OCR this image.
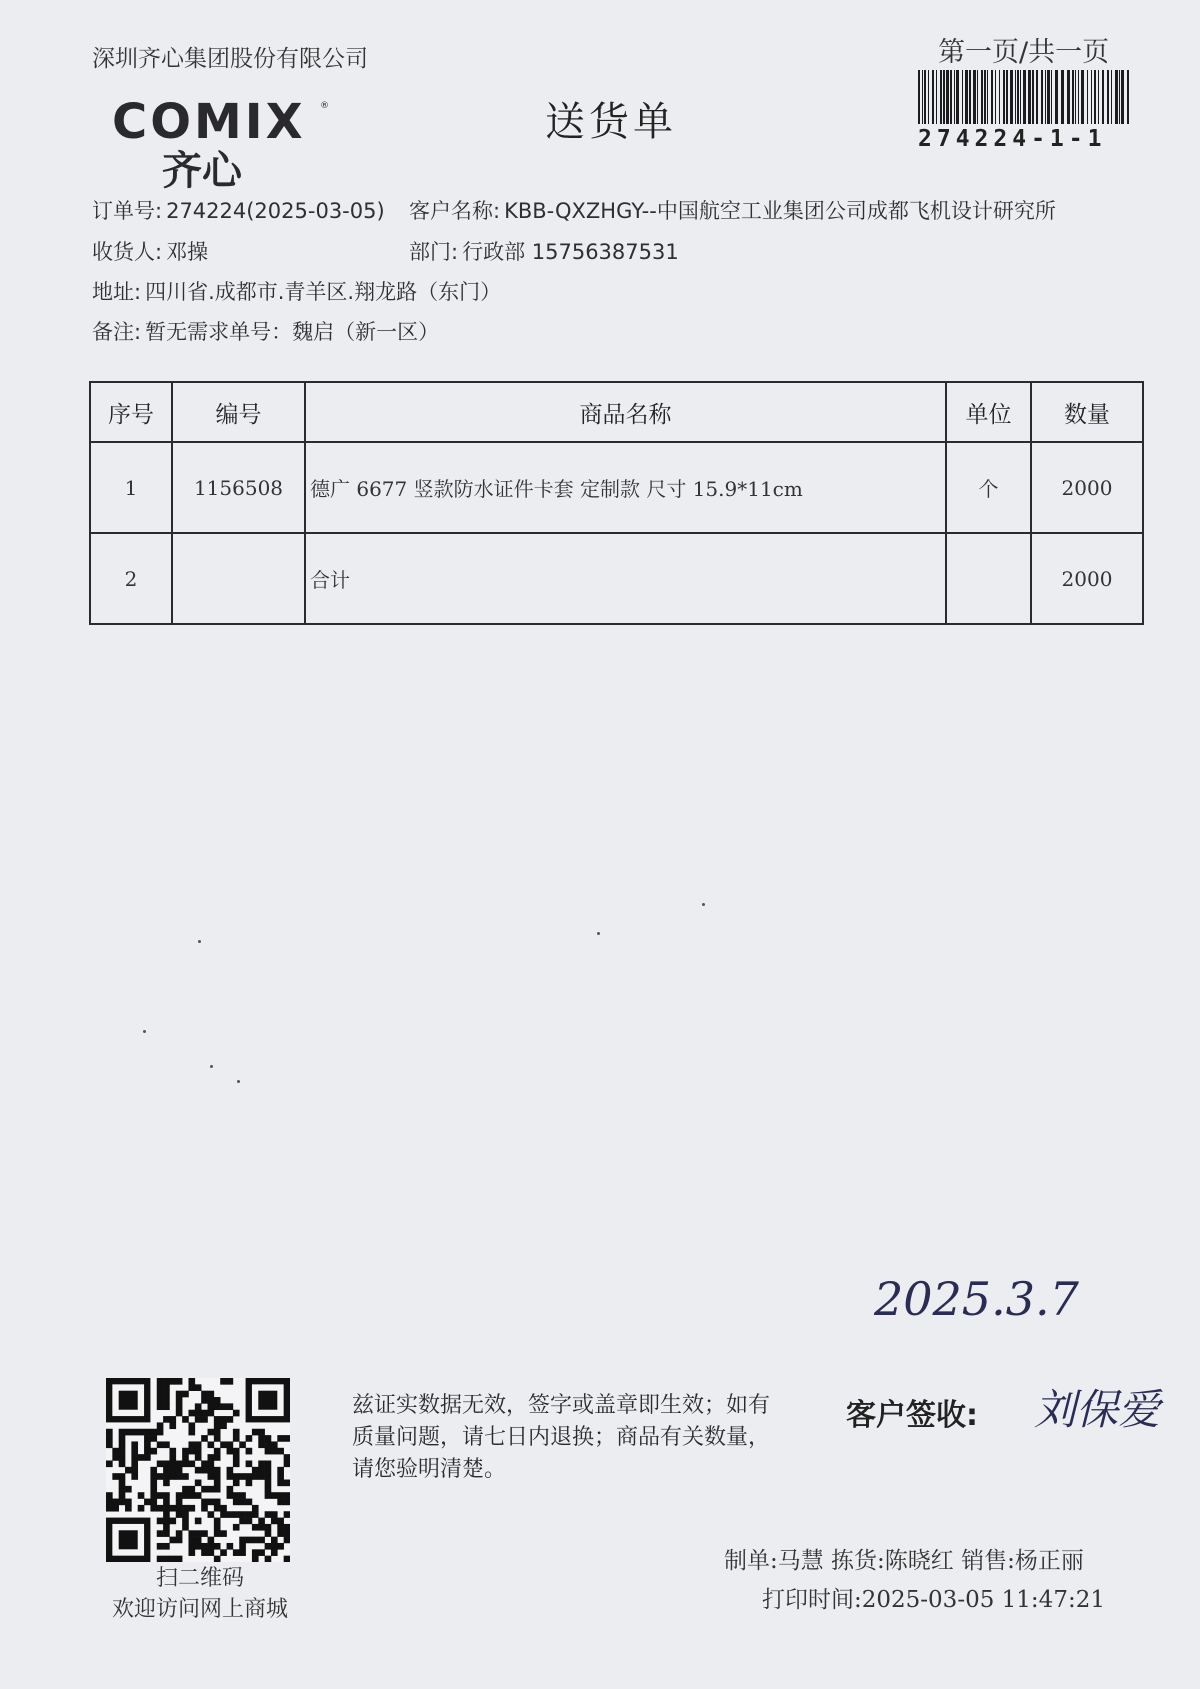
深圳齐心集团股份有限公司
COMIX ®
齐心
送货单
第一页/共一页
274224-1-1
订单号: 274224(2025-03-05) 客户名称: KBB-QXZHGY--中国航空工业集团公司成都飞机设计研究所
收货人: 邓操	部门: 行政部 15756387531
地址: 四川省.成都市.青羊区.翔龙路（东门）
备注: 暂无需求单号：魏启（新一区）
序号	编号	商品名称	单位	数量
1	1156508	德广 6677 竖款防水证件卡套 定制款 尺寸 15.9*11cm	个	2000
2		合计		2000
2025.3.7
扫二维码
欢迎访问网上商城
兹证实数据无效，签字或盖章即生效；如有质量问题，请七日内退换；商品有关数量，请您验明清楚。
客户签收: 刘保爱
制单:马慧 拣货:陈晓红 销售:杨正丽
打印时间:2025-03-05 11:47:21
